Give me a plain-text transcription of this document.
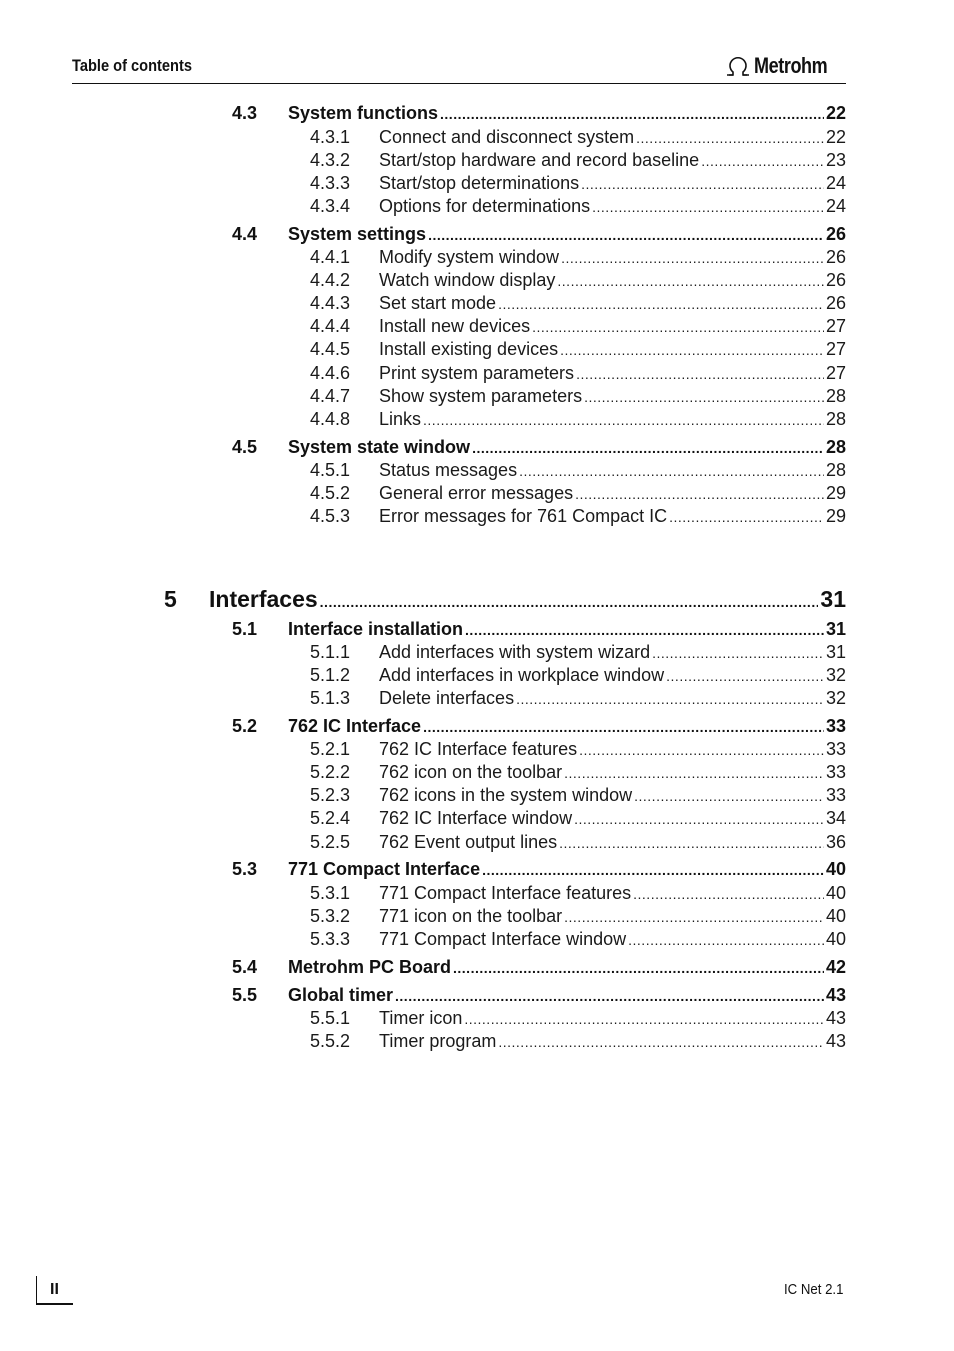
Table of contents	Metrohm
4.3	System functions .....	22
4.3.1	Connect and disconnect system .....	22
4.3.2	Start/stop hardware and record baseline .....	23
4.3.3	Start/stop determinations .....	24
4.3.4	Options for determinations .....	24
4.4	System settings .....	26
4.4.1	Modify system window .....	26
4.4.2	Watch window display .....	26
4.4.3	Set start mode .....	26
4.4.4	Install new devices .....	27
4.4.5	Install existing devices .....	27
4.4.6	Print system parameters .....	27
4.4.7	Show system parameters .....	28
4.4.8	Links .....	28
4.5	System state window .....	28
4.5.1	Status messages .....	28
4.5.2	General error messages .....	29
4.5.3	Error messages for 761 Compact IC .....	29
5	Interfaces .....	31
5.1	Interface installation .....	31
5.1.1	Add interfaces with system wizard .....	31
5.1.2	Add interfaces in workplace window .....	32
5.1.3	Delete interfaces .....	32
5.2	762 IC Interface .....	33
5.2.1	762 IC Interface features .....	33
5.2.2	762 icon on the toolbar .....	33
5.2.3	762 icons in the system window .....	33
5.2.4	762 IC Interface window .....	34
5.2.5	762 Event output lines .....	36
5.3	771 Compact Interface .....	40
5.3.1	771 Compact Interface features .....	40
5.3.2	771 icon on the toolbar .....	40
5.3.3	771 Compact Interface window .....	40
5.4	Metrohm PC Board .....	42
5.5	Global timer .....	43
5.5.1	Timer icon .....	43
5.5.2	Timer program .....	43
II	IC Net 2.1
